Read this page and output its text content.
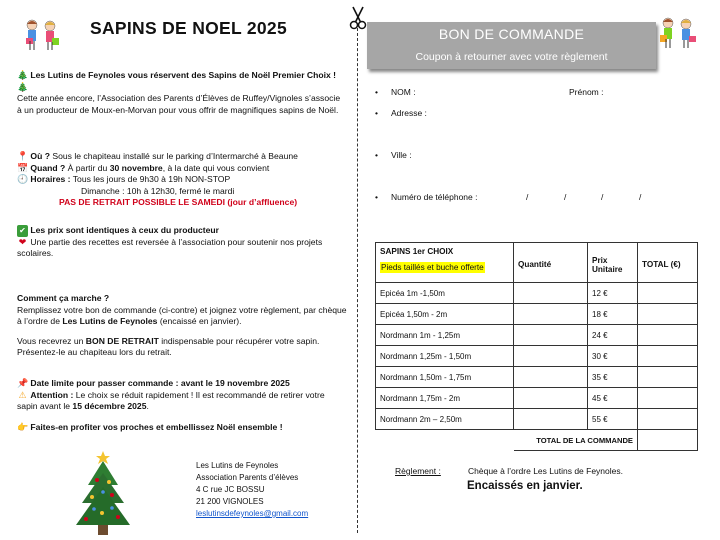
SAPINS DE NOEL 2025
🎄 Les Lutins de Feynoles vous réservent des Sapins de Noël Premier Choix ! 🎄
Cette année encore, l’Association des Parents d’Élèves de Ruffey/Vignoles s’associe à un producteur de Moux-en-Morvan pour vous offrir de magnifiques sapins de Noël.
📍 Où ? Sous le chapiteau installé sur le parking d’Intermarché à Beaune
📅 Quand ? À partir du 30 novembre, à la date qui vous convient
🕘 Horaires : Tous les jours de 9h30 à 19h NON-STOP
Dimanche : 10h à 12h30, fermé le mardi
PAS DE RETRAIT POSSIBLE LE SAMEDI (jour d’affluence)
✔ Les prix sont identiques à ceux du producteur
❤ Une partie des recettes est reversée à l’association pour soutenir nos projets scolaires.
Comment ça marche ?
Remplissez votre bon de commande (ci-contre) et joignez votre règlement, par chèque à l’ordre de Les Lutins de Feynoles (encaissé en janvier).
Vous recevrez un BON DE RETRAIT indispensable pour récupérer votre sapin. Présentez-le au chapiteau lors du retrait.
📌 Date limite pour passer commande : avant le 19 novembre 2025
⚠ Attention : Le choix se réduit rapidement ! Il est recommandé de retirer votre sapin avant le 15 décembre 2025.
👉 Faites-en profiter vos proches et embellissez Noël ensemble !
Les Lutins de Feynoles
Association Parents d’élèves
4 C rue JC BOSSU
21 200 VIGNOLES
leslutinsdefeynoles@gmail.com
BON DE COMMANDE
Coupon à retourner avec votre règlement
• NOM :	Prénom :
• Adresse :
• Ville :
• Numéro de téléphone :	/	/	/	/
SAPINS 1er CHOIX
Pieds taillés et buche offerte	Quantité	Prix Unitaire	TOTAL (€)
Epicéa 1m -1,50m		12 €	
Epicéa 1,50m - 2m		18 €	
Nordmann 1m - 1,25m		24 €	
Nordmann 1,25m - 1,50m		30 €	
Nordmann 1,50m - 1,75m		35 €	
Nordmann 1,75m - 2m		45 €	
Nordmann 2m – 2,50m		55 €	
	TOTAL DE LA COMMANDE		
Règlement :	Chèque à l’ordre Les Lutins de Feynoles.
Encaissés en janvier.
